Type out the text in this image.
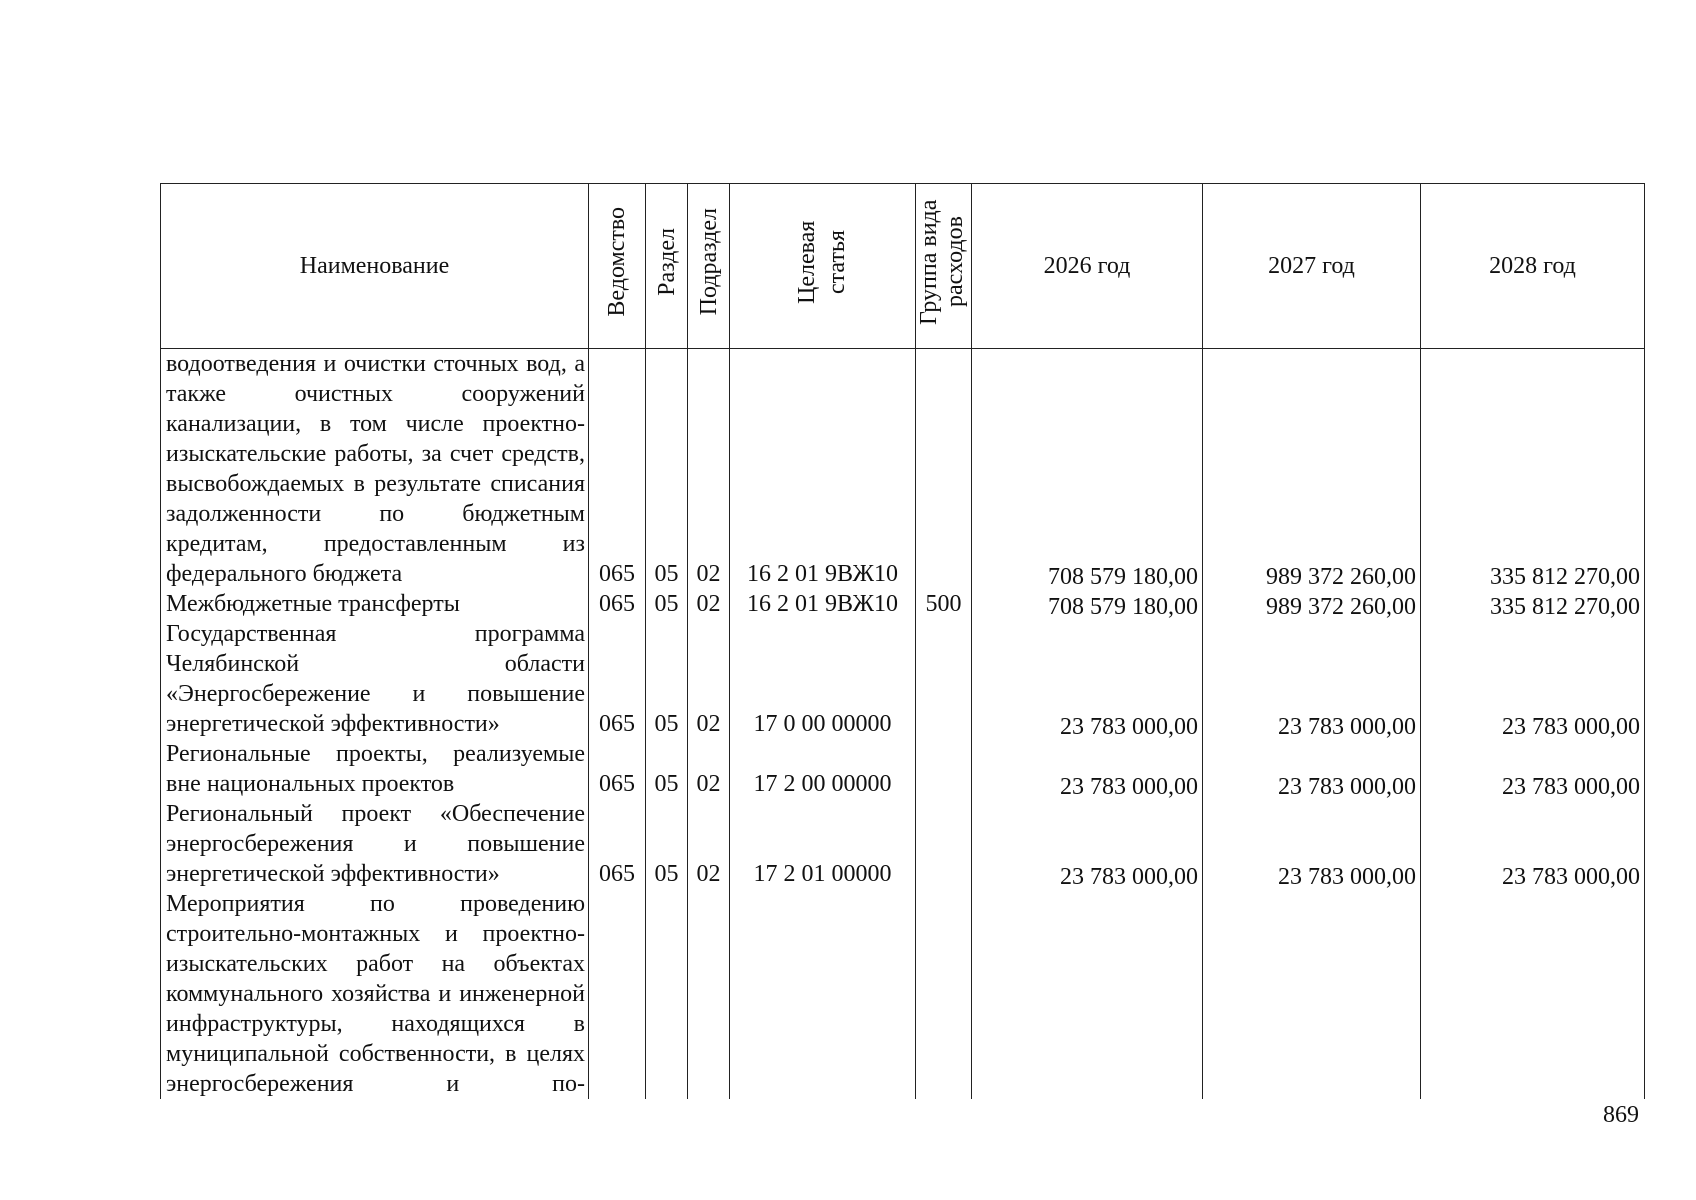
Наименование	Ведомство	Раздел	Подраздел	Целевая статья	Группа вида расходов	2026 год	2027 год	2028 год

водоотведения и очистки сточных вод, а также очистных сооружений канализации, в том числе проектно-изыскательские работы, за счет средств, высвобождаемых в результате списания задолженности по бюджетным кредитам, предоставленным из федерального бюджета	065	05	02	16 2 01 9ВЖ10		708 579 180,00	989 372 260,00	335 812 270,00

Межбюджетные трансферты	065	05	02	16 2 01 9ВЖ10	500	708 579 180,00	989 372 260,00	335 812 270,00

Государственная программа Челябинской области «Энергосбережение и повышение энергетической эффективности»	065	05	02	17 0 00 00000		23 783 000,00	23 783 000,00	23 783 000,00

Региональные проекты, реализуемые вне национальных проектов	065	05	02	17 2 00 00000		23 783 000,00	23 783 000,00	23 783 000,00

Региональный проект «Обеспечение энергосбережения и повышение энергетической эффективности»	065	05	02	17 2 01 00000		23 783 000,00	23 783 000,00	23 783 000,00

Мероприятия по проведению строительно-монтажных и проектно-изыскательских работ на объектах коммунального хозяйства и инженерной инфраструктуры, находящихся в муниципальной собственности, в целях энергосбережения и по-								

869
